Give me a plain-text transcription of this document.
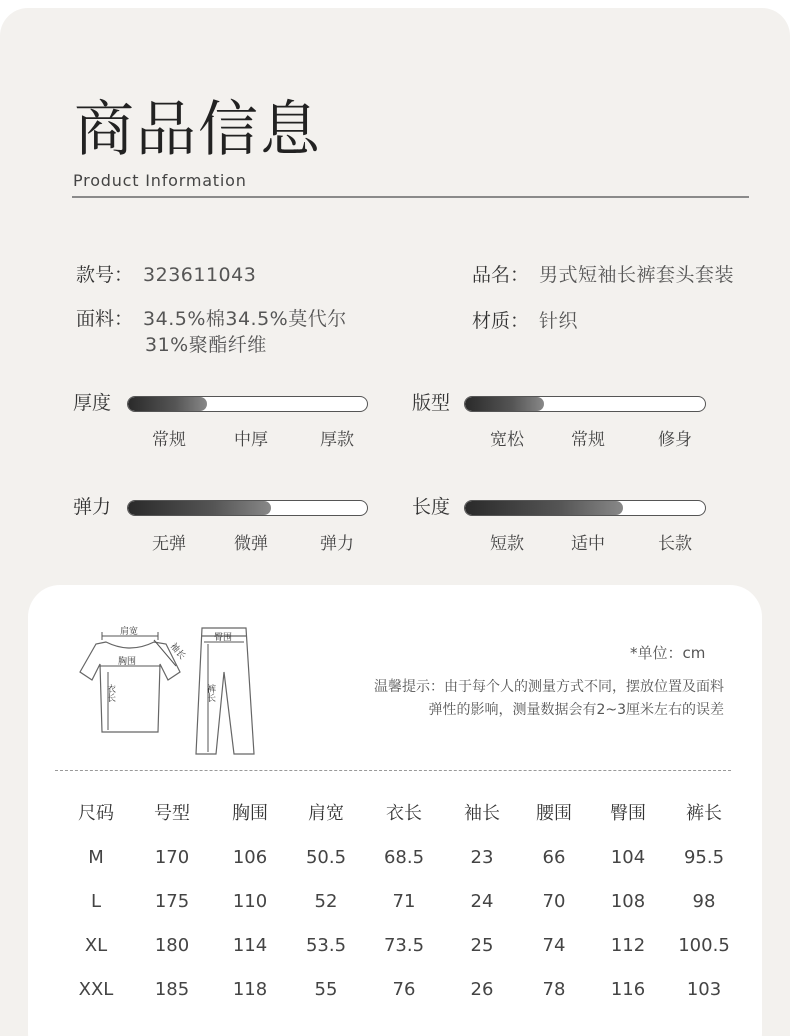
商品信息
Product Information
款号： 323611043	品名： 男式短袖长裤套头套装
面料： 34.5%棉34.5%莫代尔
31%聚酯纤维
材质： 针织
厚度
常规	中厚	厚款
版型
宽松	常规	修身
弹力
无弹	微弹	弹力
长度
短款	适中	长款
肩宽
胸围
袖长
衣长
臀围
裤长
*单位：cm
温馨提示：由于每个人的测量方式不同，摆放位置及面料
弹性的影响，测量数据会有2~3厘米左右的误差
尺码 号型 胸围 肩宽 衣长 袖长 腰围 臀围 裤长
M	170 106 50.5 68.5	23	66	104 95.5
L	175 110	52	71	24	70	108	98
XL	180 114 53.5 73.5	25	74	112 100.5
XXL 185 118	55	76	26	78	116 103
